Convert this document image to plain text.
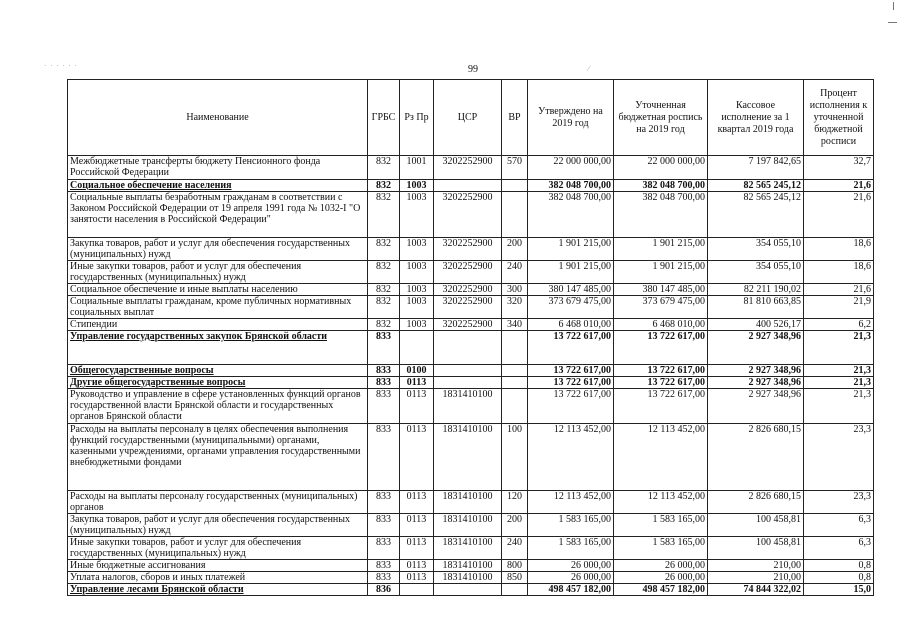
· · · · · ·	⁄
99
Наименование	ГРБС	Рз Пр	ЦСР	ВР	Утверждено на 2019 год	Уточненная бюджетная роспись на 2019 год	Кассовое исполнение за 1 квартал 2019 года	Процент исполнения к уточненной бюджетной росписи
Межбюджетные трансферты бюджету Пенсионного фонда Российской Федерации	832	1001	3202252900	570	22 000 000,00	22 000 000,00	7 197 842,65	32,7
Социальное обеспечение населения	832	1003			382 048 700,00	382 048 700,00	82 565 245,12	21,6
Социальные выплаты безработным гражданам в соответствии с Законом Российской Федерации от 19 апреля 1991 года № 1032-I "О занятости населения в Российской Федерации"	832	1003	3202252900		382 048 700,00	382 048 700,00	82 565 245,12	21,6
Закупка товаров, работ и услуг для обеспечения государственных (муниципальных) нужд	832	1003	3202252900	200	1 901 215,00	1 901 215,00	354 055,10	18,6
Иные закупки товаров, работ и услуг для обеспечения государственных (муниципальных) нужд	832	1003	3202252900	240	1 901 215,00	1 901 215,00	354 055,10	18,6
Социальное обеспечение и иные выплаты населению	832	1003	3202252900	300	380 147 485,00	380 147 485,00	82 211 190,02	21,6
Социальные выплаты гражданам, кроме публичных нормативных социальных выплат	832	1003	3202252900	320	373 679 475,00	373 679 475,00	81 810 663,85	21,9
Стипендии	832	1003	3202252900	340	6 468 010,00	6 468 010,00	400 526,17	6,2
Управление государственных закупок Брянской области	833				13 722 617,00	13 722 617,00	2 927 348,96	21,3
Общегосударственные вопросы	833	0100			13 722 617,00	13 722 617,00	2 927 348,96	21,3
Другие общегосударственные вопросы	833	0113			13 722 617,00	13 722 617,00	2 927 348,96	21,3
Руководство и управление в сфере установленных функций органов государственной власти Брянской области и государственных органов Брянской области	833	0113	1831410100		13 722 617,00	13 722 617,00	2 927 348,96	21,3
Расходы на выплаты персоналу в целях обеспечения выполнения функций государственными (муниципальными) органами, казенными учреждениями, органами управления государственными внебюджетными фондами	833	0113	1831410100	100	12 113 452,00	12 113 452,00	2 826 680,15	23,3
Расходы на выплаты персоналу государственных (муниципальных) органов	833	0113	1831410100	120	12 113 452,00	12 113 452,00	2 826 680,15	23,3
Закупка товаров, работ и услуг для обеспечения государственных (муниципальных) нужд	833	0113	1831410100	200	1 583 165,00	1 583 165,00	100 458,81	6,3
Иные закупки товаров, работ и услуг для обеспечения государственных (муниципальных) нужд	833	0113	1831410100	240	1 583 165,00	1 583 165,00	100 458,81	6,3
Иные бюджетные ассигнования	833	0113	1831410100	800	26 000,00	26 000,00	210,00	0,8
Уплата налогов, сборов и иных платежей	833	0113	1831410100	850	26 000,00	26 000,00	210,00	0,8
Управление лесами Брянской области	836				498 457 182,00	498 457 182,00	74 844 322,02	15,0
